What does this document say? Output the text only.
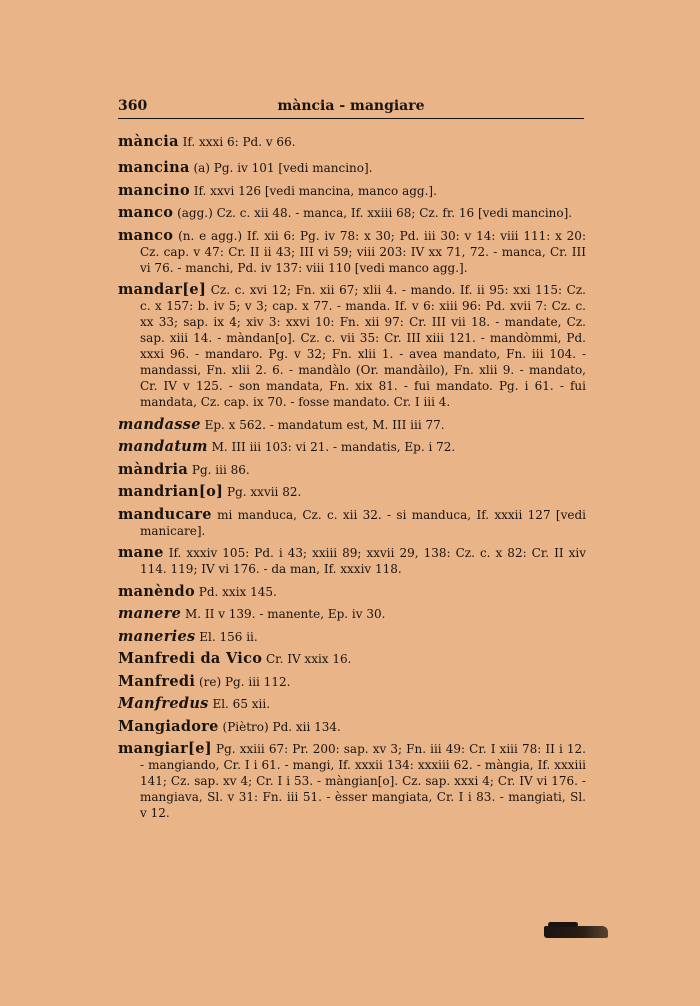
360	mància - mangiare

mància If. xxxi 6: Pd. v 66.

mancina (a) Pg. iv 101 [vedi mancino].

mancino If. xxvi 126 [vedi mancina, manco agg.].

manco (agg.) Cz. c. xii 48. - manca, If. xxiii 68; Cz. fr. 16 [vedi mancino].

manco (n. e agg.) If. xii 6: Pg. iv 78: x 30; Pd. iii 30: v 14: viii 111: x 20: Cz. cap. v 47: Cr. II ii 43; III vi 59; viii 203: IV xx 71, 72. - manca, Cr. III vi 76. - manchi, Pd. iv 137: viii 110 [vedi manco agg.].

mandar[e] Cz. c. xvi 12; Fn. xii 67; xlii 4. - mando. If. ii 95: xxi 115: Cz. c. x 157: b. iv 5; v 3; cap. x 77. - manda. If. v 6: xiii 96: Pd. xvii 7: Cz. c. xx 33; sap. ix 4; xiv 3: xxvi 10: Fn. xii 97: Cr. III vii 18. - mandate, Cz. sap. xiii 14. - màndan[o]. Cz. c. vii 35: Cr. III xiii 121. - mandòmmi, Pd. xxxi 96. - mandaro. Pg. v 32; Fn. xlii 1. - avea mandato, Fn. iii 104. - mandassi, Fn. xlii 2. 6. - mandàlo (Or. mandàilo), Fn. xlii 9. - mandato, Cr. IV v 125. - son mandata, Fn. xix 81. - fui mandato. Pg. i 61. - fui mandata, Cz. cap. ix 70. - fosse mandato. Cr. I iii 4.

mandasse Ep. x 562. - mandatum est, M. III iii 77.

mandatum M. III iii 103: vi 21. - mandatis, Ep. i 72.

màndria Pg. iii 86.

mandrian[o] Pg. xxvii 82.

manducare mi manduca, Cz. c. xii 32. - si manduca, If. xxxii 127 [vedi manicare].

mane If. xxxiv 105: Pd. i 43; xxiii 89; xxvii 29, 138: Cz. c. x 82: Cr. II xiv 114. 119; IV vi 176. - da man, If. xxxiv 118.

manèndo Pd. xxix 145.

manere M. II v 139. - manente, Ep. iv 30.

maneries El. 156 ii.

Manfredi da Vico Cr. IV xxix 16.

Manfredi (re) Pg. iii 112.

Manfredus El. 65 xii.

Mangiadore (Piètro) Pd. xii 134.

mangiar[e] Pg. xxiii 67: Pr. 200: sap. xv 3; Fn. iii 49: Cr. I xiii 78: II i 12. - mangiando, Cr. I i 61. - mangi, If. xxxii 134: xxxiii 62. - màngia, If. xxxiii 141; Cz. sap. xv 4; Cr. I i 53. - màngian[o]. Cz. sap. xxxi 4; Cr. IV vi 176. - mangiava, Sl. v 31: Fn. iii 51. - èsser mangiata, Cr. I i 83. - mangiati, Sl. v 12.
